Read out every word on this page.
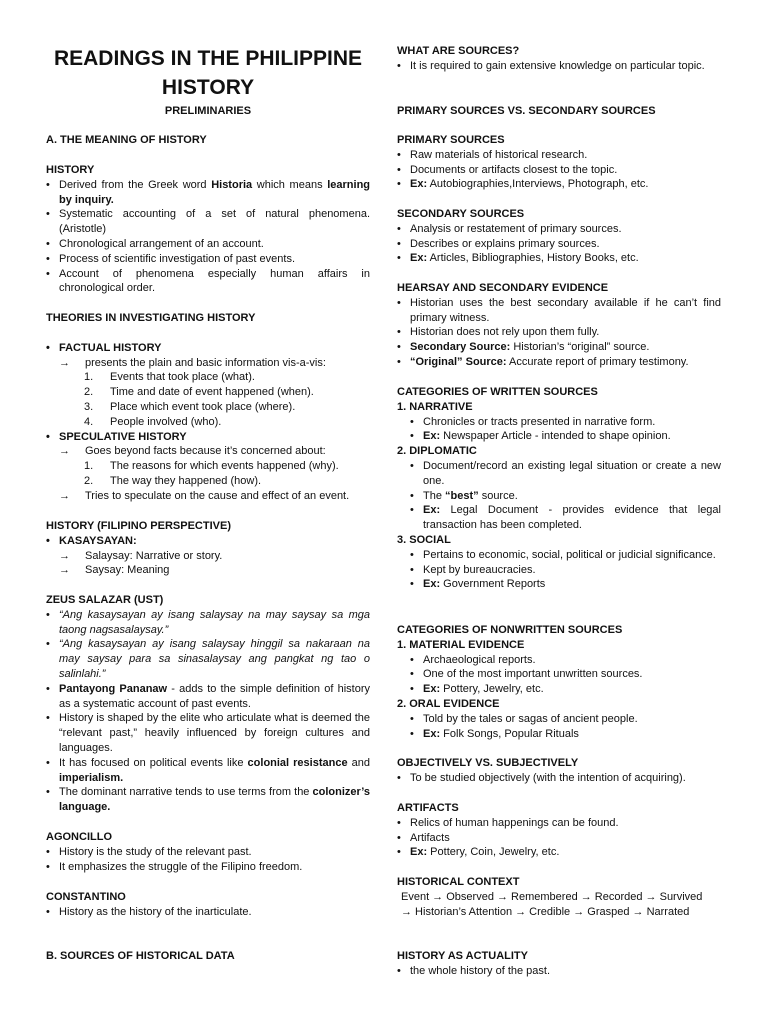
READINGS IN THE PHILIPPINE
HISTORY
PRELIMINARIES

A. THE MEANING OF HISTORY

HISTORY

• Derived from the Greek word Historia which means learning by inquiry.
• Systematic accounting of a set of natural phenomena. (Aristotle)
• Chronological arrangement of an account.
• Process of scientific investigation of past events.
• Account of phenomena especially human affairs in chronological order.

THEORIES IN INVESTIGATING HISTORY

• FACTUAL HISTORY
→ presents the plain and basic information vis-a-vis:
1. Events that took place (what).
2. Time and date of event happened (when).
3. Place which event took place (where).
4. People involved (who).
• SPECULATIVE HISTORY
→ Goes beyond facts because it’s concerned about:
1. The reasons for which events happened (why).
2. The way they happened (how).
→ Tries to speculate on the cause and effect of an event.

HISTORY (FILIPINO PERSPECTIVE)

• KASAYSAYAN:
→ Salaysay: Narrative or story.
→ Saysay: Meaning

ZEUS SALAZAR (UST)

• “Ang kasaysayan ay isang salaysay na may saysay sa mga taong nagsasalaysay.”
• “Ang kasaysayan ay isang salaysay hinggil sa nakaraan na may saysay para sa sinasalaysay ang pangkat ng tao o salinlahi.”
• Pantayong Pananaw - adds to the simple definition of history as a systematic account of past events.
• History is shaped by the elite who articulate what is deemed the “relevant past,” heavily influenced by foreign cultures and languages.
• It has focused on political events like colonial resistance and imperialism.
• The dominant narrative tends to use terms from the colonizer’s language.

AGONCILLO

• History is the study of the relevant past.
• It emphasizes the struggle of the Filipino freedom.

CONSTANTINO

• History as the history of the inarticulate.

B. SOURCES OF HISTORICAL DATA

WHAT ARE SOURCES?

• It is required to gain extensive knowledge on particular topic.

PRIMARY SOURCES VS. SECONDARY SOURCES

PRIMARY SOURCES

• Raw materials of historical research.
• Documents or artifacts closest to the topic.
• Ex: Autobiographies,Interviews, Photograph, etc.

SECONDARY SOURCES

• Analysis or restatement of primary sources.
• Describes or explains primary sources.
• Ex: Articles, Bibliographies, History Books, etc.

HEARSAY AND SECONDARY EVIDENCE

• Historian uses the best secondary available if he can’t find primary witness.
• Historian does not rely upon them fully.
• Secondary Source: Historian’s “original” source.
• “Original” Source: Accurate report of primary testimony.

CATEGORIES OF WRITTEN SOURCES

1. NARRATIVE

• Chronicles or tracts presented in narrative form.
• Ex: Newspaper Article - intended to shape opinion.

2. DIPLOMATIC

• Document/record an existing legal situation or create a new one.
• The “best” source.
• Ex: Legal Document - provides evidence that legal transaction has been completed.

3. SOCIAL

• Pertains to economic, social, political or judicial significance.
• Kept by bureaucracies.
• Ex: Government Reports

CATEGORIES OF NONWRITTEN SOURCES

1. MATERIAL EVIDENCE

• Archaeological reports.
• One of the most important unwritten sources.
• Ex: Pottery, Jewelry, etc.

2. ORAL EVIDENCE

• Told by the tales or sagas of ancient people.
• Ex: Folk Songs, Popular Rituals

OBJECTIVELY VS. SUBJECTIVELY

• To be studied objectively (with the intention of acquiring).

ARTIFACTS

• Relics of human happenings can be found.
• Artifacts
• Ex: Pottery, Coin, Jewelry, etc.

HISTORICAL CONTEXT

Event → Observed → Remembered → Recorded → Survived

→ Historian’s Attention → Credible → Grasped → Narrated

HISTORY AS ACTUALITY

• the whole history of the past.
